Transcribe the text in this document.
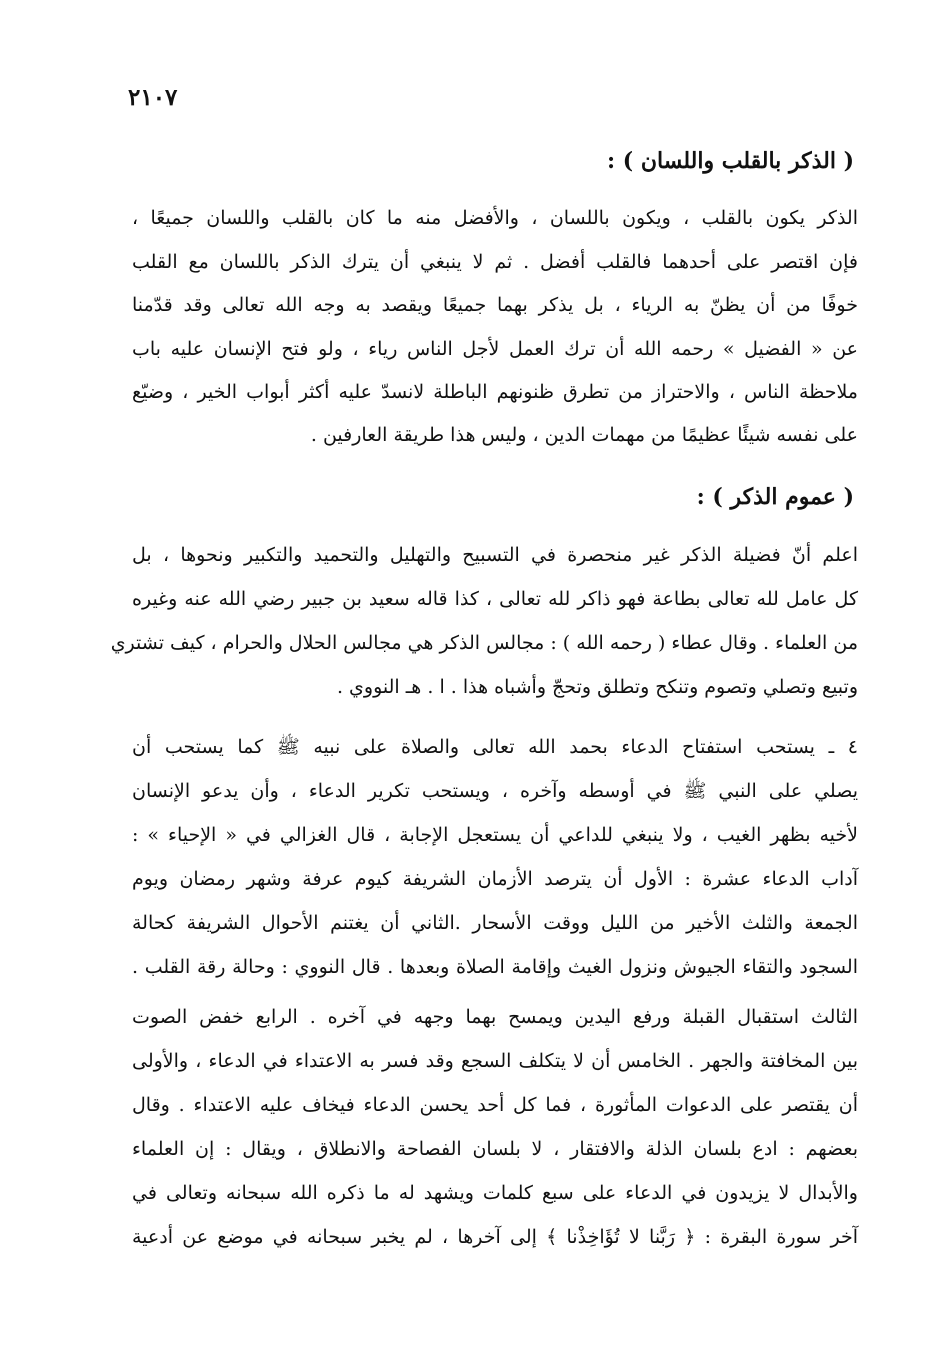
٢١٠٧
( الذكر بالقلب واللسان ) :
الذكر يكون بالقلب ، ويكون باللسان ، والأفضل منه ما كان بالقلب واللسان جميعًا ،
فإن اقتصر على أحدهما فالقلب أفضل . ثم لا ينبغي أن يترك الذكر باللسان مع القلب
خوفًا من أن يظنّ به الرياء ، بل يذكر بهما جميعًا ويقصد به وجه الله تعالى وقد قدّمنا
عن « الفضيل » رحمه الله أن ترك العمل لأجل الناس رياء ، ولو فتح الإنسان عليه باب
ملاحظة الناس ، والاحتراز من تطرق ظنونهم الباطلة لانسدّ عليه أكثر أبواب الخير ، وضيّع
على نفسه شيئًا عظيمًا من مهمات الدين ، وليس هذا طريقة العارفين .
( عموم الذكر ) :
اعلم أنّ فضيلة الذكر غير منحصرة في التسبيح والتهليل والتحميد والتكبير ونحوها ، بل
كل عامل لله تعالى بطاعة فهو ذاكر لله تعالى ، كذا قاله سعيد بن جبير رضي الله عنه وغيره
من العلماء . وقال عطاء ( رحمه الله ) : مجالس الذكر هي مجالس الحلال والحرام ، كيف تشتري
وتبيع وتصلي وتصوم وتنكح وتطلق وتحجّ وأشباه هذا . ا . هـ النووي .
٤ ـ يستحب استفتاح الدعاء بحمد الله تعالى والصلاة على نبيه ﷺ كما يستحب أن
يصلي على النبي ﷺ في أوسطه وآخره ، ويستحب تكرير الدعاء ، وأن يدعو الإنسان
لأخيه بظهر الغيب ، ولا ينبغي للداعي أن يستعجل الإجابة ، قال الغزالي في « الإحياء » :
آداب الدعاء عشرة : الأول أن يترصد الأزمان الشريفة كيوم عرفة وشهر رمضان ويوم
الجمعة والثلث الأخير من الليل ووقت الأسحار .الثاني أن يغتنم الأحوال الشريفة كحالة
السجود والتقاء الجيوش ونزول الغيث وإقامة الصلاة وبعدها . قال النووي : وحالة رقة القلب .
الثالث استقبال القبلة ورفع اليدين ويمسح بهما وجهه في آخره . الرابع خفض الصوت
بين المخافتة والجهر . الخامس أن لا يتكلف السجع وقد فسر به الاعتداء في الدعاء ، والأولى
أن يقتصر على الدعوات المأثورة ، فما كل أحد يحسن الدعاء فيخاف عليه الاعتداء . وقال
بعضهم : ادع بلسان الذلة والافتقار ، لا بلسان الفصاحة والانطلاق ، ويقال : إن العلماء
والأبدال لا يزيدون في الدعاء على سبع كلمات ويشهد له ما ذكره الله سبحانه وتعالى في
آخر سورة البقرة : ﴿ رَبَّنا لا تُؤَاخِذْنا ﴾ إلى آخرها ، لم يخبر سبحانه في موضع عن أدعية
